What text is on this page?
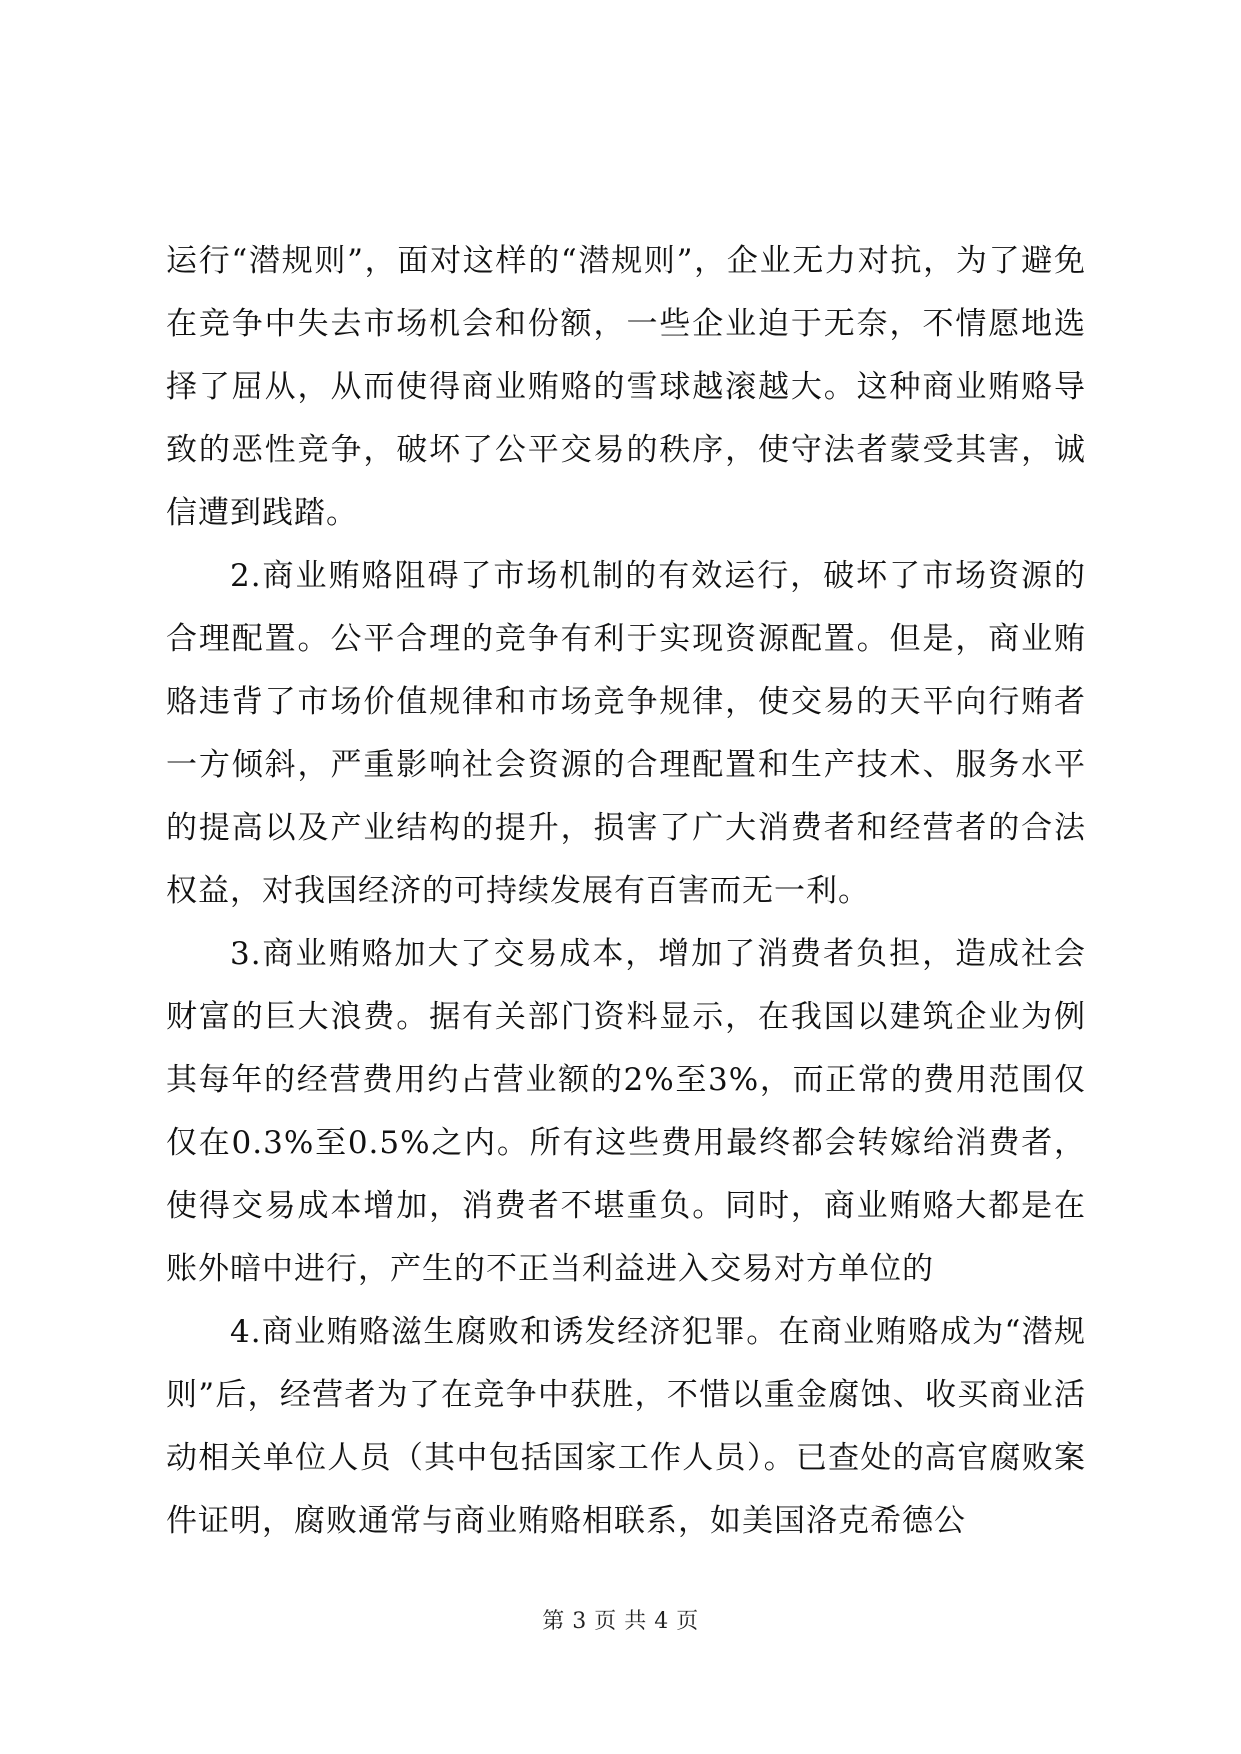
运行“潜规则”，面对这样的“潜规则”，企业无力对抗，为了避免在竞争中失去市场机会和份额，一些企业迫于无奈，不情愿地选择了屈从，从而使得商业贿赂的雪球越滚越大。这种商业贿赂导致的恶性竞争，破坏了公平交易的秩序，使守法者蒙受其害，诚信遭到践踏。

2.商业贿赂阻碍了市场机制的有效运行，破坏了市场资源的合理配置。公平合理的竞争有利于实现资源配置。但是，商业贿赂违背了市场价值规律和市场竞争规律，使交易的天平向行贿者一方倾斜，严重影响社会资源的合理配置和生产技术、服务水平的提高以及产业结构的提升，损害了广大消费者和经营者的合法权益，对我国经济的可持续发展有百害而无一利。

3.商业贿赂加大了交易成本，增加了消费者负担，造成社会财富的巨大浪费。据有关部门资料显示，在我国以建筑企业为例其每年的经营费用约占营业额的2%至3%，而正常的费用范围仅仅在0.3%至0.5%之内。所有这些费用最终都会转嫁给消费者，使得交易成本增加，消费者不堪重负。同时，商业贿赂大都是在账外暗中进行，产生的不正当利益进入交易对方单位的

4.商业贿赂滋生腐败和诱发经济犯罪。在商业贿赂成为“潜规则”后，经营者为了在竞争中获胜，不惜以重金腐蚀、收买商业活动相关单位人员（其中包括国家工作人员）。已查处的高官腐败案件证明，腐败通常与商业贿赂相联系，如美国洛克希德公

第 3 页 共 4 页
